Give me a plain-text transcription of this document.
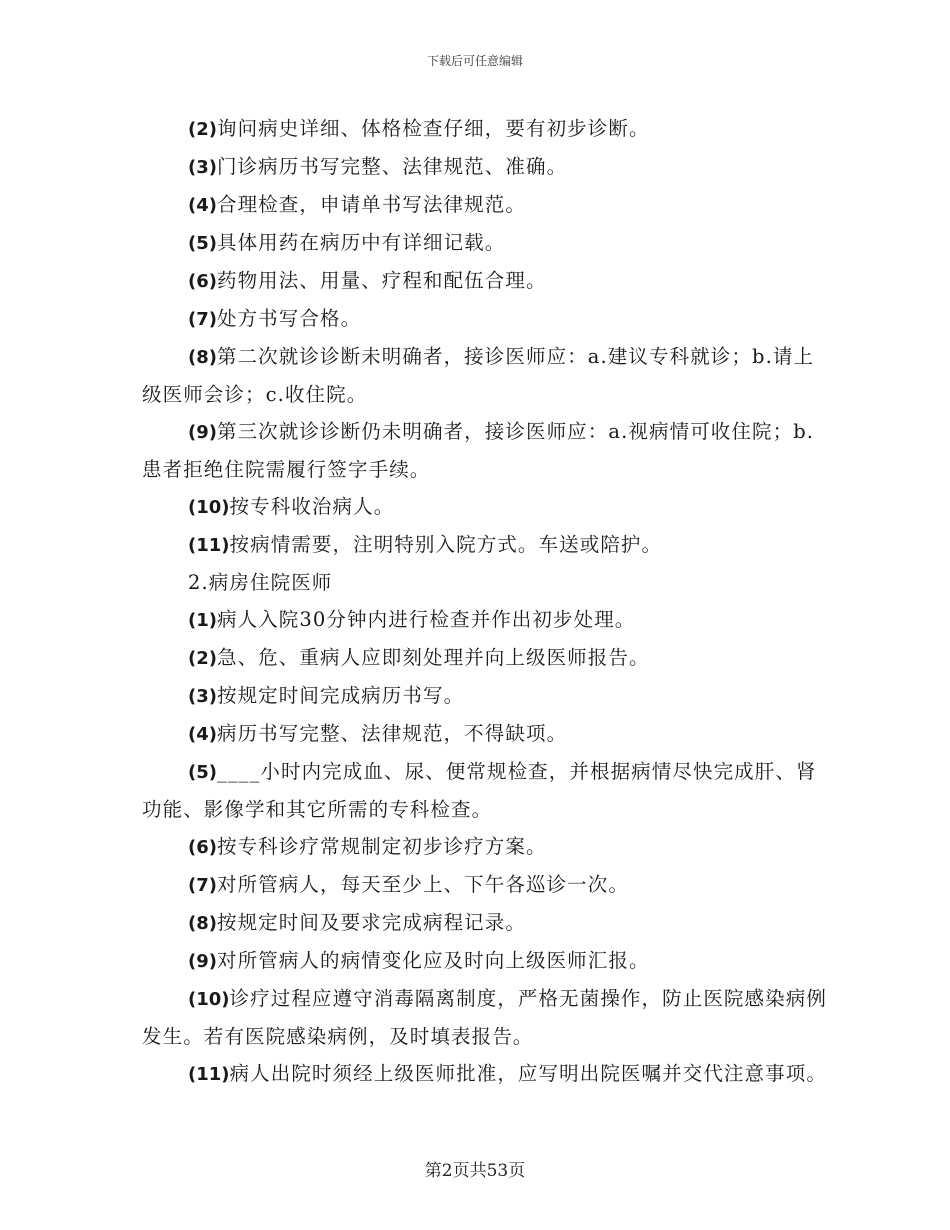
下载后可任意编辑

(2)询问病史详细、体格检查仔细，要有初步诊断。

(3)门诊病历书写完整、法律规范、准确。

(4)合理检查，申请单书写法律规范。

(5)具体用药在病历中有详细记载。

(6)药物用法、用量、疗程和配伍合理。

(7)处方书写合格。

(8)第二次就诊诊断未明确者，接诊医师应：a.建议专科就诊；b.请上级医师会诊；c.收住院。

(9)第三次就诊诊断仍未明确者，接诊医师应：a.视病情可收住院；b.患者拒绝住院需履行签字手续。

(10)按专科收治病人。

(11)按病情需要，注明特别入院方式。车送或陪护。

2.病房住院医师

(1)病人入院30分钟内进行检查并作出初步处理。

(2)急、危、重病人应即刻处理并向上级医师报告。

(3)按规定时间完成病历书写。

(4)病历书写完整、法律规范，不得缺项。

(5)____小时内完成血、尿、便常规检查，并根据病情尽快完成肝、肾功能、影像学和其它所需的专科检查。

(6)按专科诊疗常规制定初步诊疗方案。

(7)对所管病人，每天至少上、下午各巡诊一次。

(8)按规定时间及要求完成病程记录。

(9)对所管病人的病情变化应及时向上级医师汇报。

(10)诊疗过程应遵守消毒隔离制度，严格无菌操作，防止医院感染病例发生。若有医院感染病例，及时填表报告。

(11)病人出院时须经上级医师批准，应写明出院医嘱并交代注意事项。

第2页共53页
